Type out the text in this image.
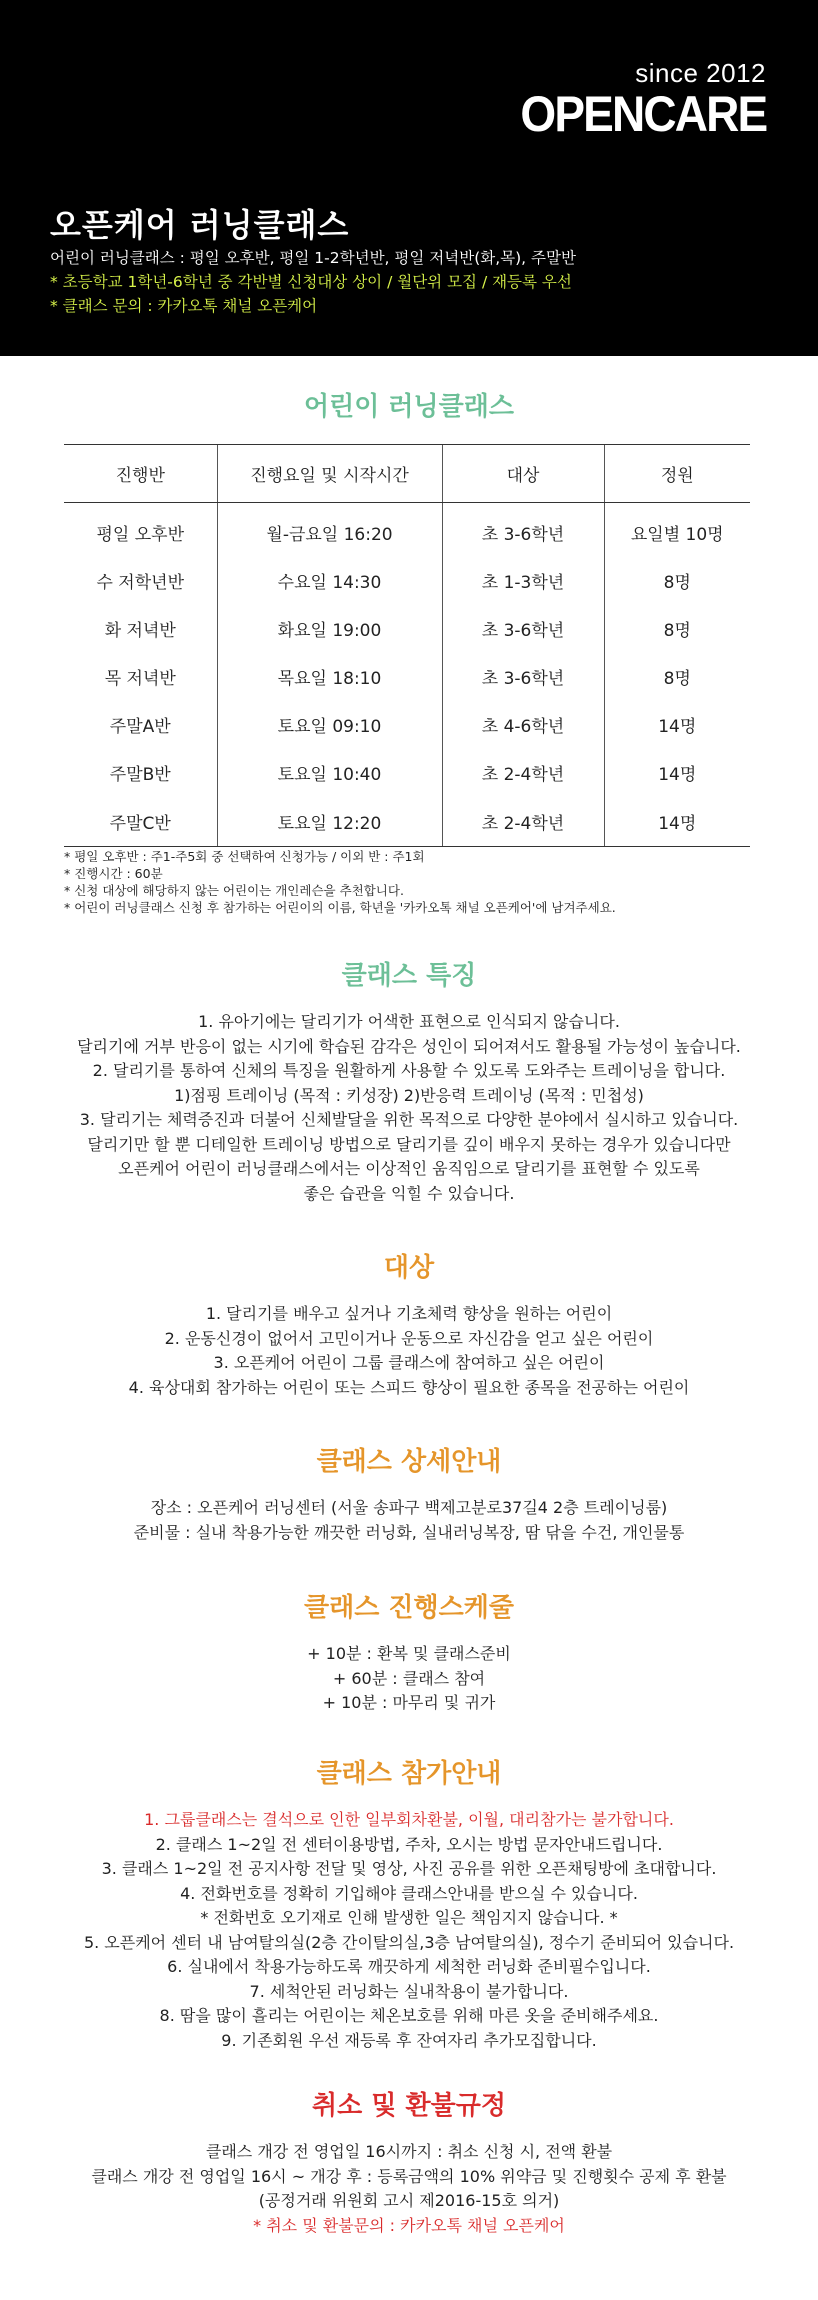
since 2012
OPENCARE
오픈케어 러닝클래스
어린이 러닝클래스 : 평일 오후반, 평일 1-2학년반, 평일 저녁반(화,목), 주말반
* 초등학교 1학년-6학년 중 각반별 신청대상 상이 / 월단위 모집 / 재등록 우선
* 클래스 문의 : 카카오톡 채널 오픈케어
어린이 러닝클래스
진행반	진행요일 및 시작시간	대상	정원

평일 오후반	월-금요일 16:20	초 3-6학년	요일별 10명
수 저학년반	수요일 14:30	초 1-3학년	8명
화 저녁반	화요일 19:00	초 3-6학년	8명
목 저녁반	목요일 18:10	초 3-6학년	8명
주말A반	토요일 09:10	초 4-6학년	14명
주말B반	토요일 10:40	초 2-4학년	14명
주말C반	토요일 12:20	초 2-4학년	14명
* 평일 오후반 : 주1-주5회 중 선택하여 신청가능 / 이외 반 : 주1회
* 진행시간 : 60분
* 신청 대상에 해당하지 않는 어린이는 개인레슨을 추천합니다.
* 어린이 러닝클래스 신청 후 참가하는 어린이의 이름, 학년을 '카카오톡 채널 오픈케어'에 남겨주세요.
클래스 특징

1. 유아기에는 달리기가 어색한 표현으로 인식되지 않습니다.

달리기에 거부 반응이 없는 시기에 학습된 감각은 성인이 되어져서도 활용될 가능성이 높습니다.

2. 달리기를 통하여 신체의 특징을 원활하게 사용할 수 있도록 도와주는 트레이닝을 합니다.

1)점핑 트레이닝 (목적 : 키성장) 2)반응력 트레이닝 (목적 : 민첩성)

3. 달리기는 체력증진과 더불어 신체발달을 위한 목적으로 다양한 분야에서 실시하고 있습니다.

달리기만 할 뿐 디테일한 트레이닝 방법으로 달리기를 깊이 배우지 못하는 경우가 있습니다만

오픈케어 어린이 러닝클래스에서는 이상적인 움직임으로 달리기를 표현할 수 있도록

좋은 습관을 익힐 수 있습니다.

대상

1. 달리기를 배우고 싶거나 기초체력 향상을 원하는 어린이

2. 운동신경이 없어서 고민이거나 운동으로 자신감을 얻고 싶은 어린이

3. 오픈케어 어린이 그룹 클래스에 참여하고 싶은 어린이

4. 육상대회 참가하는 어린이 또는 스피드 향상이 필요한 종목을 전공하는 어린이

클래스 상세안내

장소 : 오픈케어 러닝센터 (서울 송파구 백제고분로37길4 2층 트레이닝룸)

준비물 : 실내 착용가능한 깨끗한 러닝화, 실내러닝복장, 땀 닦을 수건, 개인물통

클래스 진행스케줄

+ 10분 : 환복 및 클래스준비

+ 60분 : 클래스 참여

+ 10분 : 마무리 및 귀가

클래스 참가안내

1. 그룹클래스는 결석으로 인한 일부회차환불, 이월, 대리참가는 불가합니다.

2. 클래스 1~2일 전 센터이용방법, 주차, 오시는 방법 문자안내드립니다.

3. 클래스 1~2일 전 공지사항 전달 및 영상, 사진 공유를 위한 오픈채팅방에 초대합니다.

4. 전화번호를 정확히 기입해야 클래스안내를 받으실 수 있습니다.

* 전화번호 오기재로 인해 발생한 일은 책임지지 않습니다. *

5. 오픈케어 센터 내 남여탈의실(2층 간이탈의실,3층 남여탈의실), 정수기 준비되어 있습니다.

6. 실내에서 착용가능하도록 깨끗하게 세척한 러닝화 준비필수입니다.

7. 세척안된 러닝화는 실내착용이 불가합니다.

8. 땀을 많이 흘리는 어린이는 체온보호를 위해 마른 옷을 준비해주세요.

9. 기존회원 우선 재등록 후 잔여자리 추가모집합니다.

취소 및 환불규정

클래스 개강 전 영업일 16시까지 : 취소 신청 시, 전액 환불

클래스 개강 전 영업일 16시 ~ 개강 후 : 등록금액의 10% 위약금 및 진행횟수 공제 후 환불

(공정거래 위원회 고시 제2016-15호 의거)

* 취소 및 환불문의 : 카카오톡 채널 오픈케어
